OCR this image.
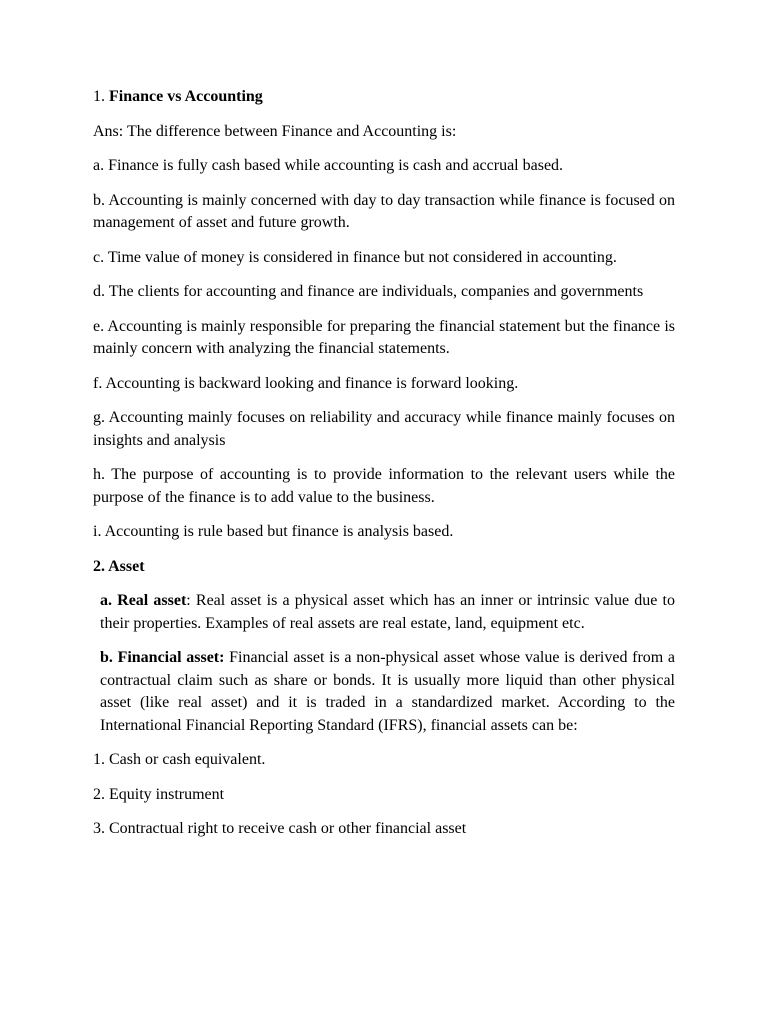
1. Finance vs Accounting

Ans: The difference between Finance and Accounting is:

a. Finance is fully cash based while accounting is cash and accrual based.

b. Accounting is mainly concerned with day to day transaction while finance is focused on management of asset and future growth.

c. Time value of money is considered in finance but not considered in accounting.

d. The clients for accounting and finance are individuals, companies and governments

e. Accounting is mainly responsible for preparing the financial statement but the finance is mainly concern with analyzing the financial statements.

f. Accounting is backward looking and finance is forward looking.

g. Accounting mainly focuses on reliability and accuracy while finance mainly focuses on insights and analysis

h. The purpose of accounting is to provide information to the relevant users while the purpose of the finance is to add value to the business.

i. Accounting is rule based but finance is analysis based.

2. Asset

a. Real asset: Real asset is a physical asset which has an inner or intrinsic value due to their properties. Examples of real assets are real estate, land, equipment etc.

b. Financial asset: Financial asset is a non-physical asset whose value is derived from a contractual claim such as share or bonds. It is usually more liquid than other physical asset (like real asset) and it is traded in a standardized market. According to the International Financial Reporting Standard (IFRS), financial assets can be:

1. Cash or cash equivalent.

2. Equity instrument

3. Contractual right to receive cash or other financial asset
